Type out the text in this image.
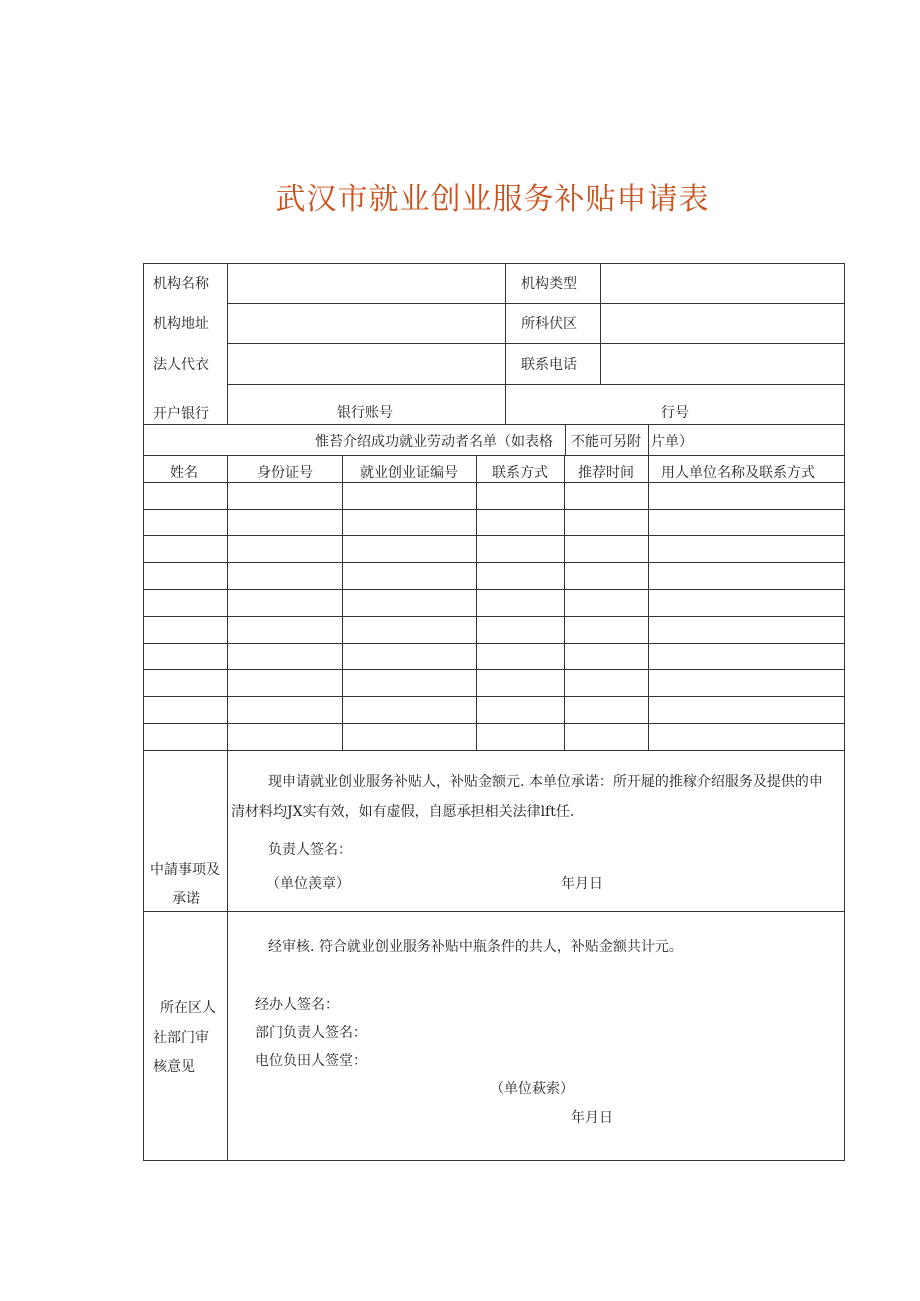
武汉市就业创业服务补贴申请表
机构名称	机构类型
机构地址	所科伏区
法人代衣	联系电话
开户银行	银行账号	行号
惟苔介绍成功就业劳动者名单（如表格 不能可另附 片单）
姓名	身份证号	就业创业证编号 联系方式 推荐时间 用人单位名称及联系方式
中請事项及
承诺
现申请就业创业服务补贴人，补贴金额元. 本单位承诺：所开屣的推稼介绍服务及提供的申
清材料均JX实有效，如有虚假，自愿承担相关法律lft任.
负责人签名：
（单位羡章）	年月日
所在区人
社部门审
核意见
经审核. 符合就业创业服务补贴中瓶条件的共人，补贴金额共计元。
经办人签名：
部门负责人签名：
电位负田人签堂：
（单位萩索）
年月日
